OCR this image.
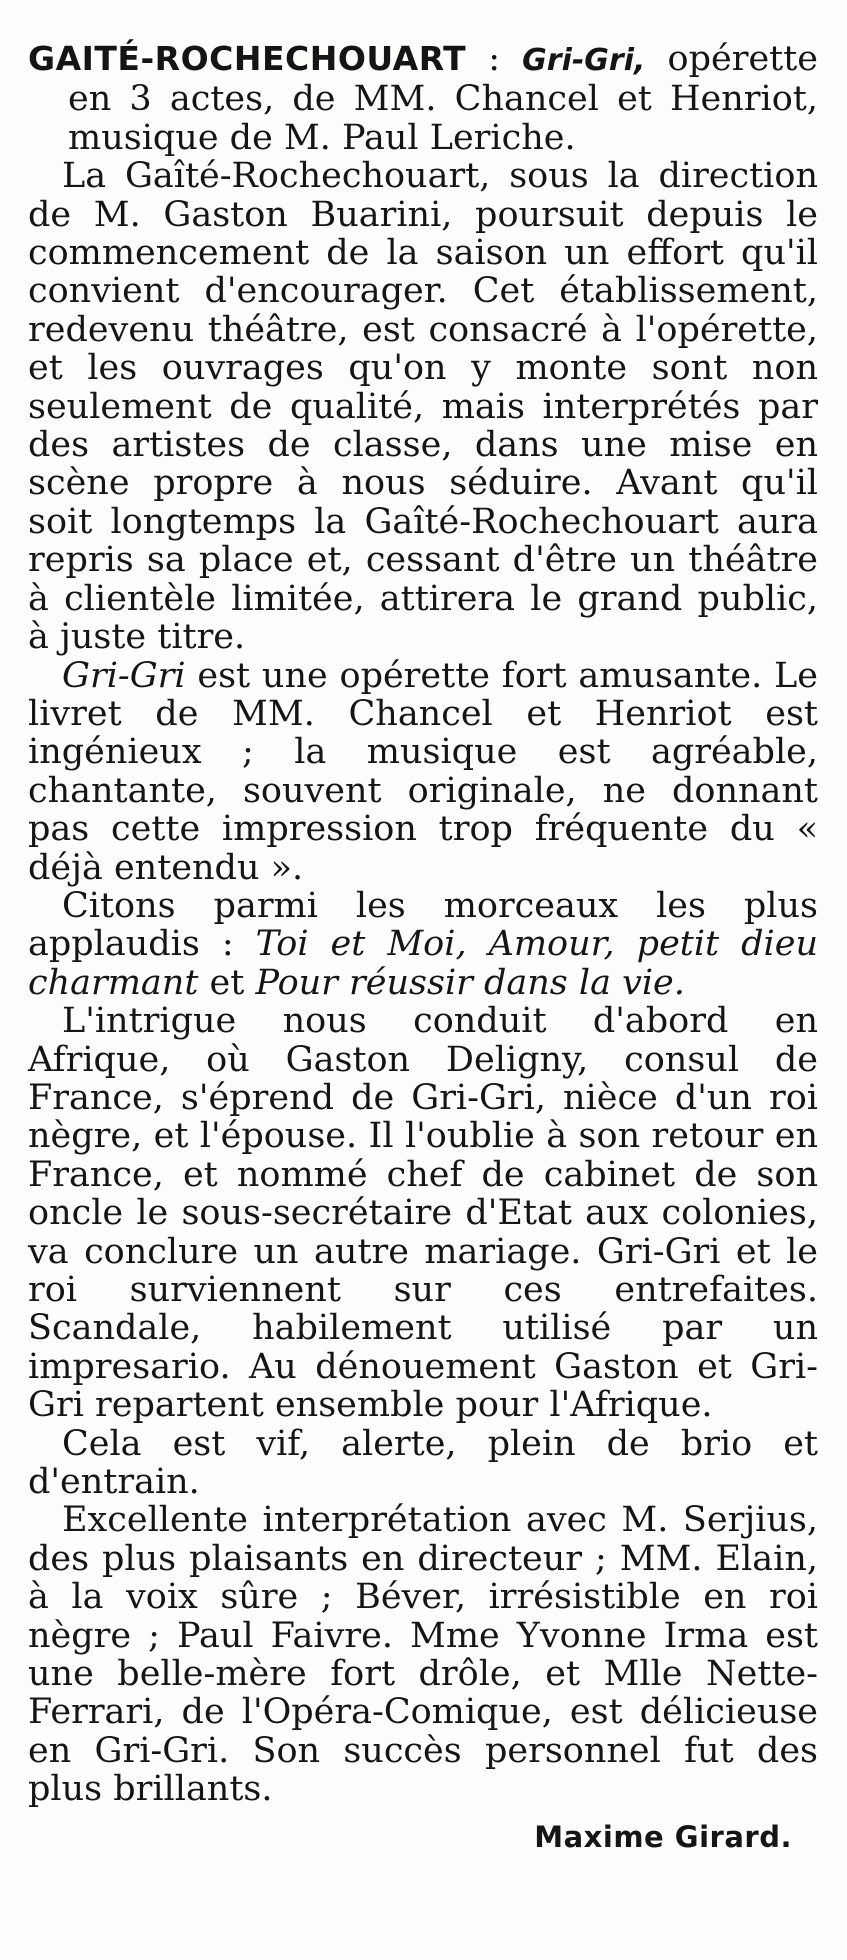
GAITÉ-ROCHECHOUART : Gri-Gri, opérette en 3 actes, de MM. Chancel et Henriot, musique de M. Paul Leriche.

La Gaîté-Rochechouart, sous la direction de M. Gaston Buarini, poursuit depuis le commencement de la saison un effort qu'il convient d'encourager. Cet établissement, redevenu théâtre, est consacré à l'opérette, et les ouvrages qu'on y monte sont non seulement de qualité, mais interprétés par des artistes de classe, dans une mise en scène propre à nous séduire. Avant qu'il soit longtemps la Gaîté-Rochechouart aura repris sa place et, cessant d'être un théâtre à clientèle limitée, attirera le grand public, à juste titre.

Gri-Gri est une opérette fort amusante. Le livret de MM. Chancel et Henriot est ingénieux ; la musique est agréable, chantante, souvent originale, ne donnant pas cette impression trop fréquente du « déjà entendu ».

Citons parmi les morceaux les plus applaudis : Toi et Moi, Amour, petit dieu charmant et Pour réussir dans la vie.

L'intrigue nous conduit d'abord en Afrique, où Gaston Deligny, consul de France, s'éprend de Gri-Gri, nièce d'un roi nègre, et l'épouse. Il l'oublie à son retour en France, et nommé chef de cabinet de son oncle le sous-secrétaire d'Etat aux colonies, va conclure un autre mariage. Gri-Gri et le roi surviennent sur ces entrefaites. Scandale, habilement utilisé par un impresario. Au dénouement Gaston et Gri-Gri repartent ensemble pour l'Afrique.

Cela est vif, alerte, plein de brio et d'entrain.

Excellente interprétation avec M. Serjius, des plus plaisants en directeur ; MM. Elain, à la voix sûre ; Béver, irrésistible en roi nègre ; Paul Faivre. Mme Yvonne Irma est une belle-mère fort drôle, et Mlle Nette-Ferrari, de l'Opéra-Comique, est délicieuse en Gri-Gri. Son succès personnel fut des plus brillants.

Maxime Girard.
